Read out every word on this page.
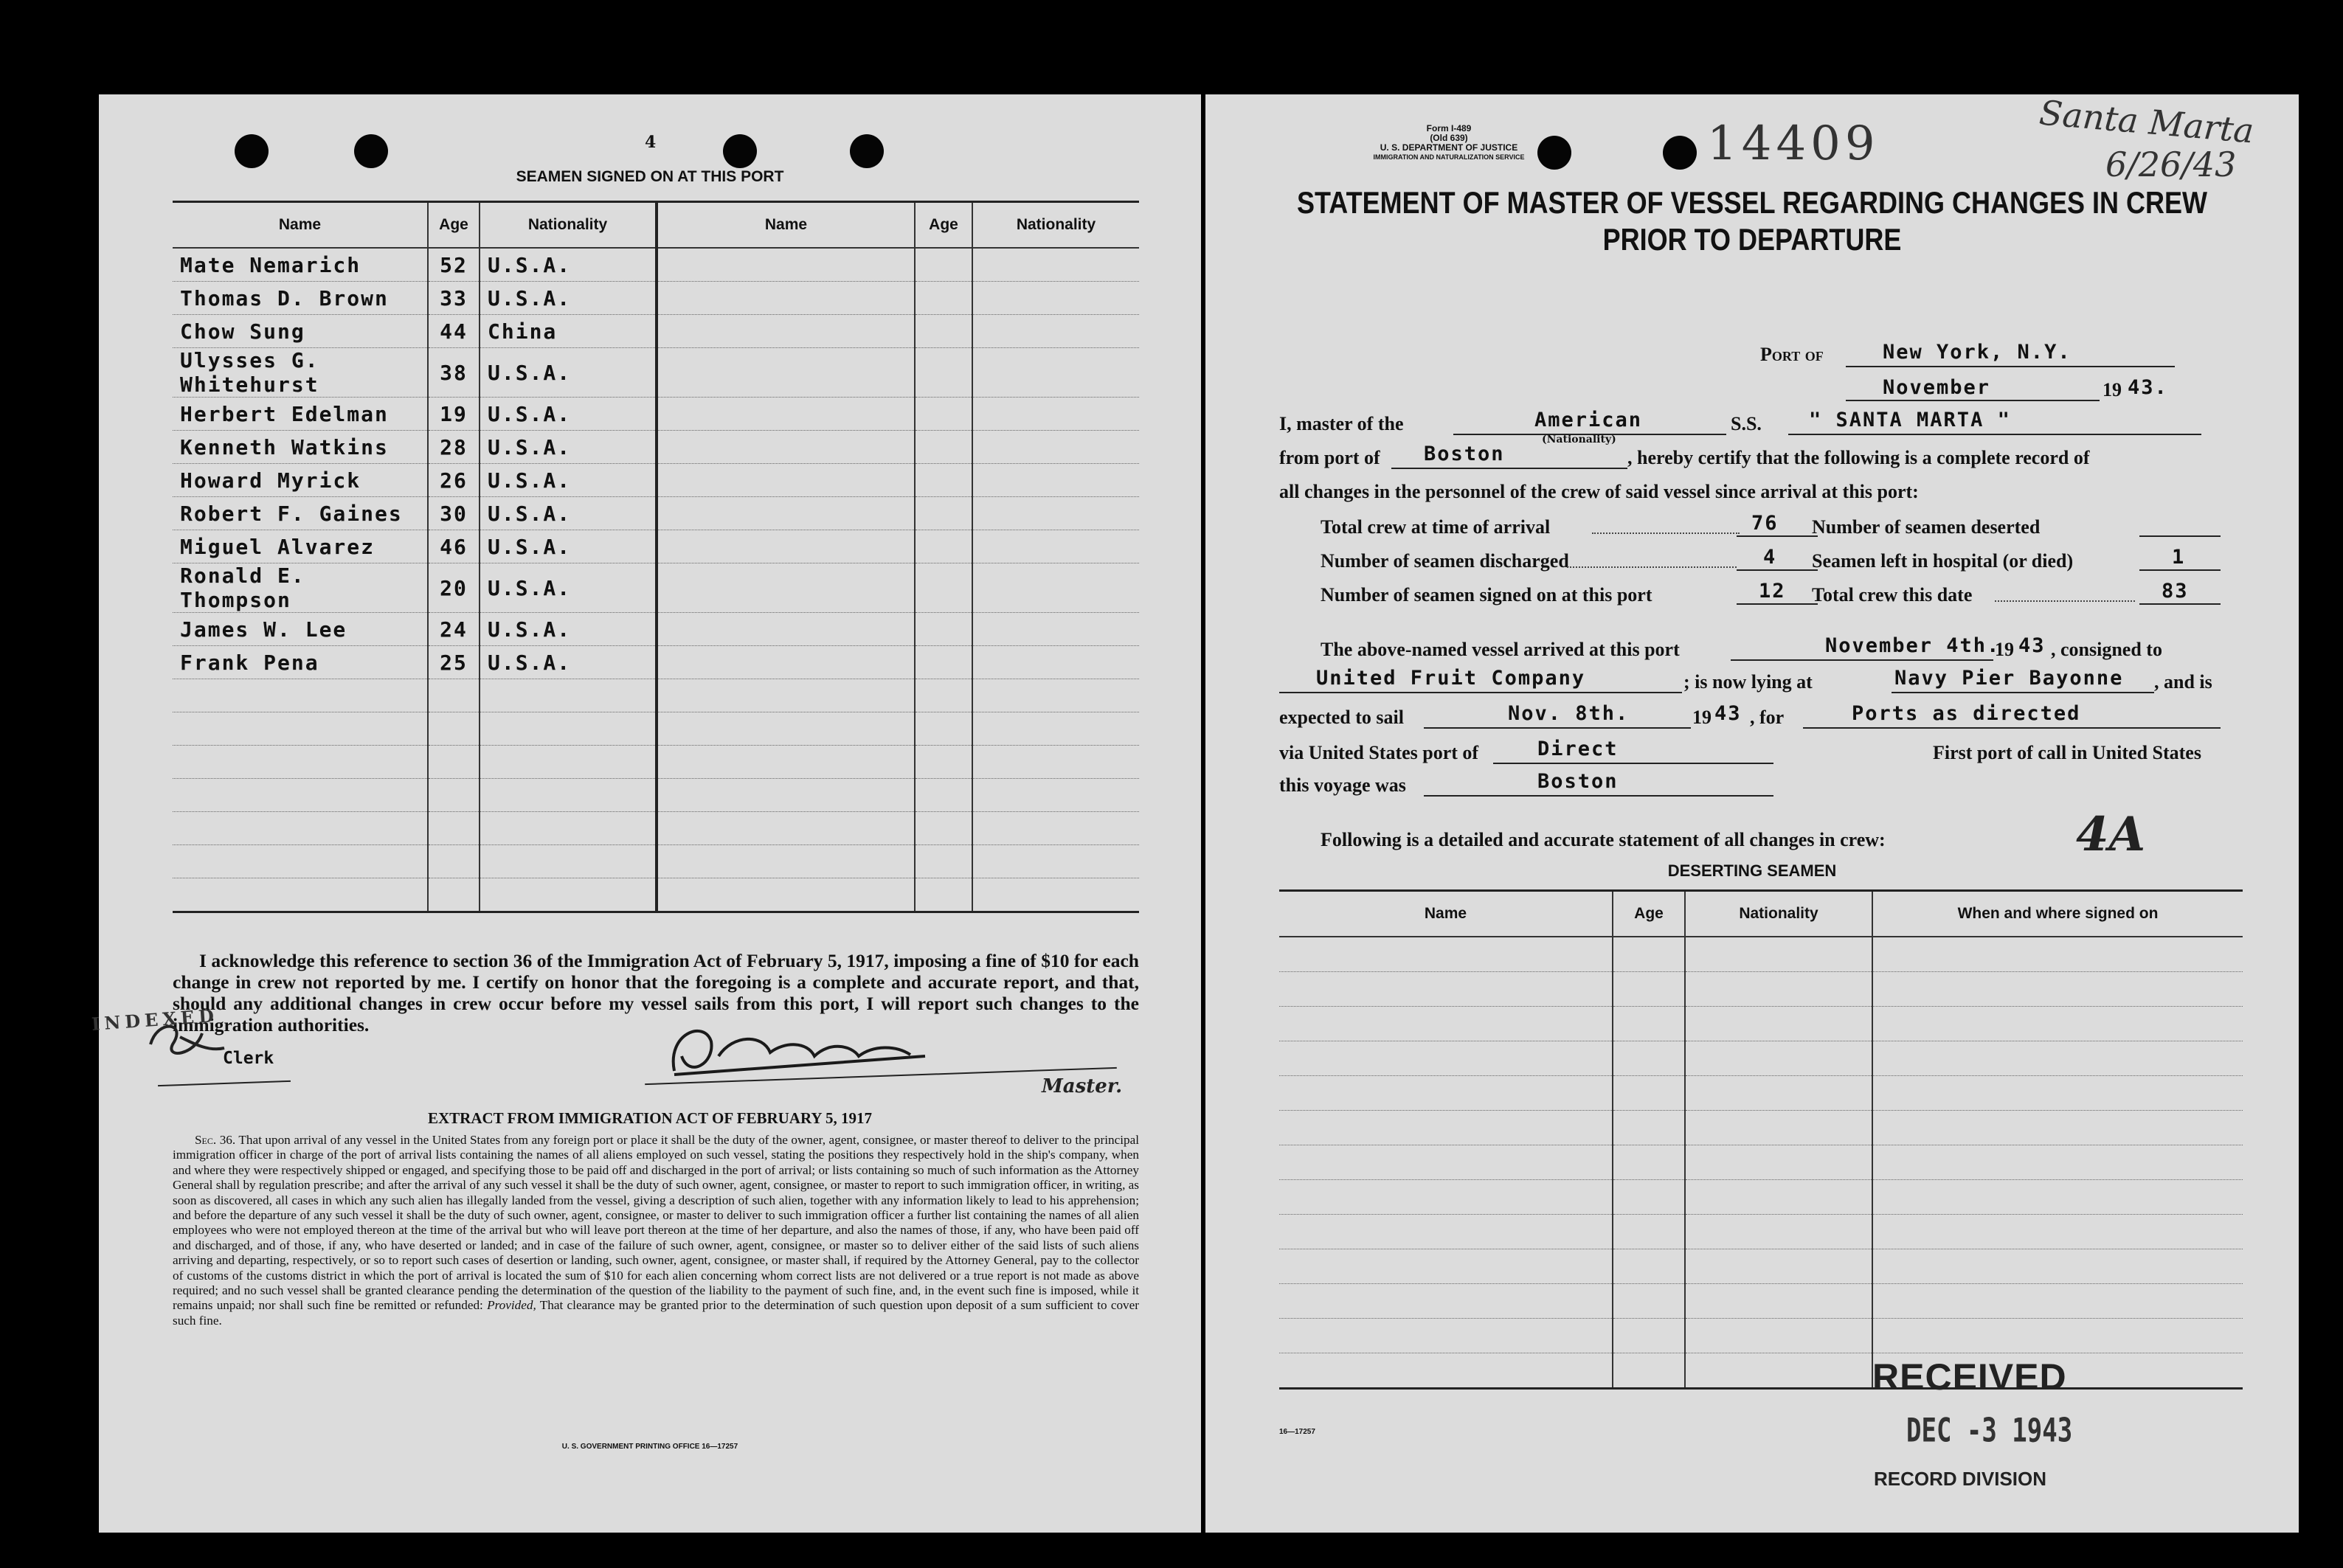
4
SEAMEN SIGNED ON AT THIS PORT
Name	Age	Nationality	Name	Age	Nationality
Mate Nemarich	52	U.S.A.			
Thomas D. Brown	33	U.S.A.			
Chow Sung	44	China			
Ulysses G. Whitehurst	38	U.S.A.			
Herbert Edelman	19	U.S.A.			
Kenneth Watkins	28	U.S.A.			
Howard Myrick	26	U.S.A.			
Robert F. Gaines	30	U.S.A.			
Miguel Alvarez	46	U.S.A.			
Ronald E. Thompson	20	U.S.A.			
James W. Lee	24	U.S.A.			
Frank Pena	25	U.S.A.			

I acknowledge this reference to section 36 of the Immigration Act of February 5, 1917, imposing a fine of $10 for each change in crew not reported by me. I certify on honor that the foregoing is a complete and accurate report, and that, should any additional changes in crew occur before my vessel sails from this port, I will report such changes to the immigration authorities.
INDEXED
Clerk
Master.
EXTRACT FROM IMMIGRATION ACT OF FEBRUARY 5, 1917

Sec. 36. That upon arrival of any vessel in the United States from any foreign port or place it shall be the duty of the owner, agent, consignee, or master thereof to deliver to the principal immigration officer in charge of the port of arrival lists containing the names of all aliens employed on such vessel, stating the positions they respectively hold in the ship's company, when and where they were respectively shipped or engaged, and specifying those to be paid off and discharged in the port of arrival; or lists containing so much of such information as the Attorney General shall by regulation prescribe; and after the arrival of any such vessel it shall be the duty of such owner, agent, consignee, or master to report to such immigration officer, in writing, as soon as discovered, all cases in which any such alien has illegally landed from the vessel, giving a description of such alien, together with any information likely to lead to his apprehension; and before the departure of any such vessel it shall be the duty of such owner, agent, consignee, or master to deliver to such immigration officer a further list containing the names of all alien employees who were not employed thereon at the time of the arrival but who will leave port thereon at the time of her departure, and also the names of those, if any, who have been paid off and discharged, and of those, if any, who have deserted or landed; and in case of the failure of such owner, agent, consignee, or master so to deliver either of the said lists of such aliens arriving and departing, respectively, or so to report such cases of desertion or landing, such owner, agent, consignee, or master shall, if required by the Attorney General, pay to the collector of customs of the customs district in which the port of arrival is located the sum of $10 for each alien concerning whom correct lists are not delivered or a true report is not made as above required; and no such vessel shall be granted clearance pending the determination of the question of the liability to the payment of such fine, and, in the event such fine is imposed, while it remains unpaid; nor shall such fine be remitted or refunded: Provided, That clearance may be granted prior to the determination of such question upon deposit of a sum sufficient to cover such fine.

U. S. GOVERNMENT PRINTING OFFICE 16—17257
Form I-489
(Old 639)
U. S. DEPARTMENT OF JUSTICE
IMMIGRATION AND NATURALIZATION SERVICE	14409	Santa Marta
6/26/43
STATEMENT OF MASTER OF VESSEL REGARDING CHANGES IN CREW
PRIOR TO DEPARTURE
Port of	New York, N.Y.
November	19 43.
I, master of the	American
(Nationality)
S.S. " SANTA MARTA "
from port of Boston	, hereby certify that the following is a complete record of
all changes in the personnel of the crew of said vessel since arrival at this port:
Total crew at time of arrival	76 Number of seamen deserted
Number of seamen discharged	4 Seamen left in hospital (or died)	1
Number of seamen signed on at this port	12 Total crew this date	83
The above-named vessel arrived at this port	November 4th.
19 43 , consigned to
United Fruit Company	; is now lying at	Navy Pier Bayonne , and is
expected to sail	Nov. 8th.	19 43 , for	Ports as directed
via United States port of	Direct	First port of call in United States
this voyage was	Boston
Following is a detailed and accurate statement of all changes in crew:	4A
DESERTING SEAMEN
Name	Age	Nationality	When and where signed on

16—17257
RECEIVED
DEC -3 1943
RECORD DIVISION
